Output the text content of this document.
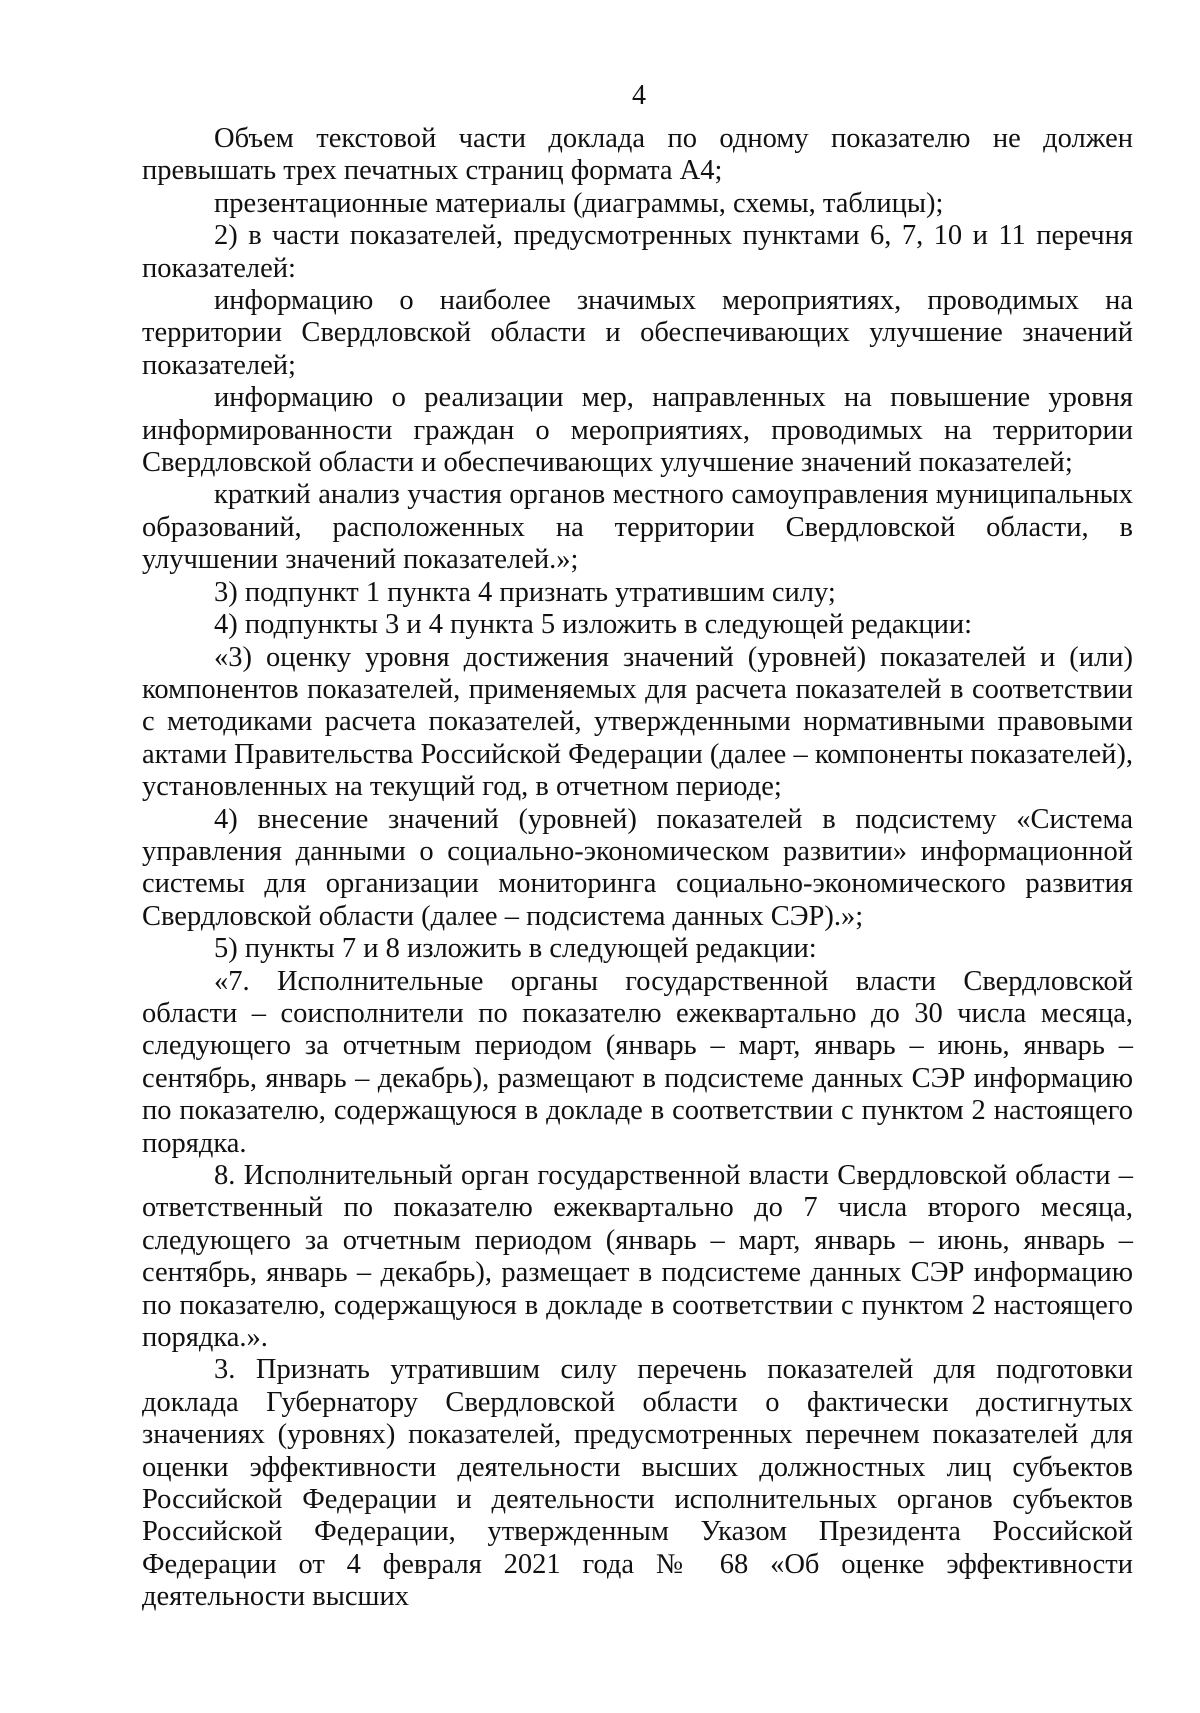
4

Объем текстовой части доклада по одному показателю не должен превышать трех печатных страниц формата А4;

презентационные материалы (диаграммы, схемы, таблицы);

2) в части показателей, предусмотренных пунктами 6, 7, 10 и 11 перечня показателей:

информацию о наиболее значимых мероприятиях, проводимых на территории Свердловской области и обеспечивающих улучшение значений показателей;

информацию о реализации мер, направленных на повышение уровня информированности граждан о мероприятиях, проводимых на территории Свердловской области и обеспечивающих улучшение значений показателей;

краткий анализ участия органов местного самоуправления муниципальных образований, расположенных на территории Свердловской области, в улучшении значений показателей.»;

3) подпункт 1 пункта 4 признать утратившим силу;

4) подпункты 3 и 4 пункта 5 изложить в следующей редакции:

«3) оценку уровня достижения значений (уровней) показателей и (или) компонентов показателей, применяемых для расчета показателей в соответствии с методиками расчета показателей, утвержденными нормативными правовыми актами Правительства Российской Федерации (далее – компоненты показателей), установленных на текущий год, в отчетном периоде;

4) внесение значений (уровней) показателей в подсистему «Система управления данными о социально-экономическом развитии» информационной системы для организации мониторинга социально-экономического развития Свердловской области (далее – подсистема данных СЭР).»;

5) пункты 7 и 8 изложить в следующей редакции:

«7. Исполнительные органы государственной власти Свердловской области – соисполнители по показателю ежеквартально до 30 числа месяца, следующего за отчетным периодом (январь – март, январь – июнь, январь – сентябрь, январь – декабрь), размещают в подсистеме данных СЭР информацию по показателю, содержащуюся в докладе в соответствии с пунктом 2 настоящего порядка.

8. Исполнительный орган государственной власти Свердловской области – ответственный по показателю ежеквартально до 7 числа второго месяца, следующего за отчетным периодом (январь – март, январь – июнь, январь – сентябрь, январь – декабрь), размещает в подсистеме данных СЭР информацию по показателю, содержащуюся в докладе в соответствии с пунктом 2 настоящего порядка.».

3. Признать утратившим силу перечень показателей для подготовки доклада Губернатору Свердловской области о фактически достигнутых значениях (уровнях) показателей, предусмотренных перечнем показателей для оценки эффективности деятельности высших должностных лиц субъектов Российской Федерации и деятельности исполнительных органов субъектов Российской Федерации, утвержденным Указом Президента Российской Федерации от 4 февраля 2021 года № 68 «Об оценке эффективности деятельности высших
